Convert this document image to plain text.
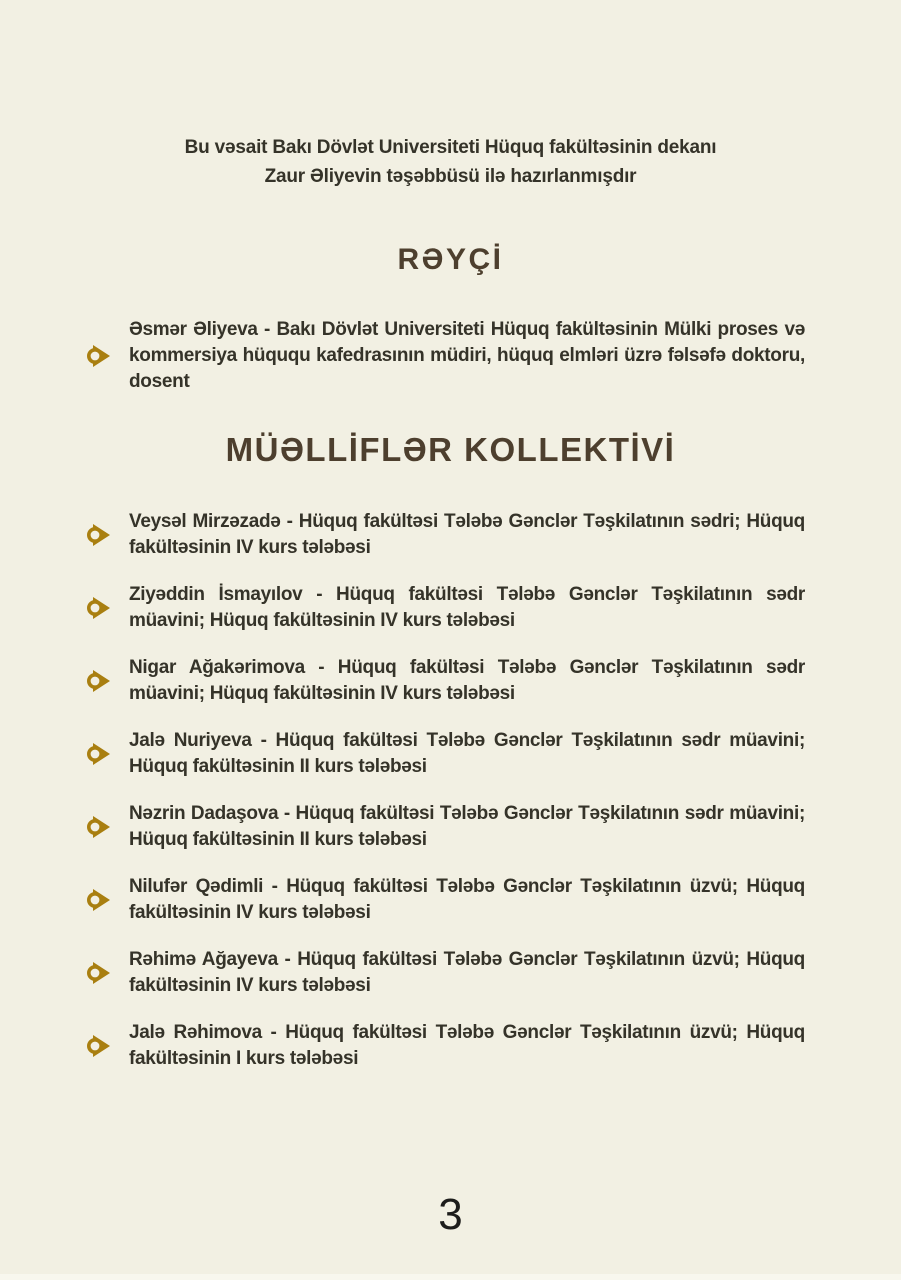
Bu vəsait Bakı Dövlət Universiteti Hüquq fakültəsinin dekanı
Zaur Əliyevin təşəbbüsü ilə hazırlanmışdır
RƏYÇİ

Əsmər Əliyeva - Bakı Dövlət Universiteti Hüquq fakültəsinin Mülki proses və kommersiya hüququ kafedrasının müdiri, hüquq elmləri üzrə fəlsəfə doktoru, dosent

MÜƏLLİFLƏR KOLLEKTİVİ

Veysəl Mirzəzadə - Hüquq fakültəsi Tələbə Gənclər Təşkilatının sədri; Hüquq fakültəsinin IV kurs tələbəsi

Ziyəddin İsmayılov - Hüquq fakültəsi Tələbə Gənclər Təşkilatının sədr müavini; Hüquq fakültəsinin IV kurs tələbəsi

Nigar Ağakərimova - Hüquq fakültəsi Tələbə Gənclər Təşkilatının sədr müavini; Hüquq fakültəsinin IV kurs tələbəsi

Jalə Nuriyeva - Hüquq fakültəsi Tələbə Gənclər Təşkilatının sədr müavini; Hüquq fakültəsinin II kurs tələbəsi

Nəzrin Dadaşova - Hüquq fakültəsi Tələbə Gənclər Təşkilatının sədr müavini; Hüquq fakültəsinin II kurs tələbəsi

Nilufər Qədimli - Hüquq fakültəsi Tələbə Gənclər Təşkilatının üzvü; Hüquq fakültəsinin IV kurs tələbəsi

Rəhimə Ağayeva - Hüquq fakültəsi Tələbə Gənclər Təşkilatının üzvü; Hüquq fakültəsinin IV kurs tələbəsi

Jalə Rəhimova - Hüquq fakültəsi Tələbə Gənclər Təşkilatının üzvü; Hüquq fakültəsinin I kurs tələbəsi

3
